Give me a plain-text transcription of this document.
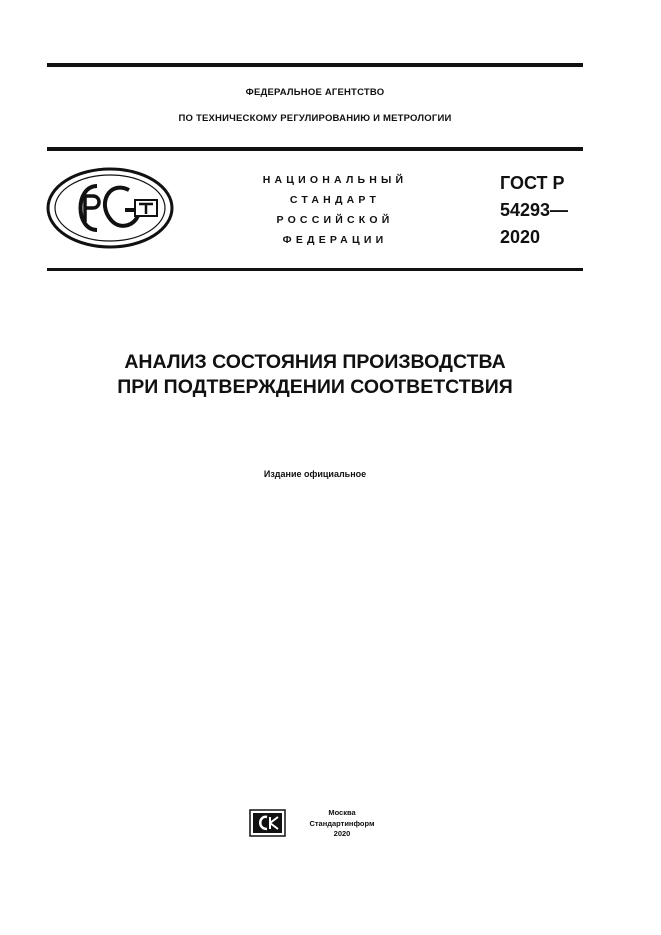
ФЕДЕРАЛЬНОЕ АГЕНТСТВО
ПО ТЕХНИЧЕСКОМУ РЕГУЛИРОВАНИЮ И МЕТРОЛОГИИ
НАЦИОНАЛЬНЫЙ
СТАНДАРТ
РОССИЙСКОЙ
ФЕДЕРАЦИИ
ГОСТ Р
54293—
2020
АНАЛИЗ СОСТОЯНИЯ ПРОИЗВОДСТВА
ПРИ ПОДТВЕРЖДЕНИИ СООТВЕТСТВИЯ
Издание официальное
Москва
Стандартинформ
2020
